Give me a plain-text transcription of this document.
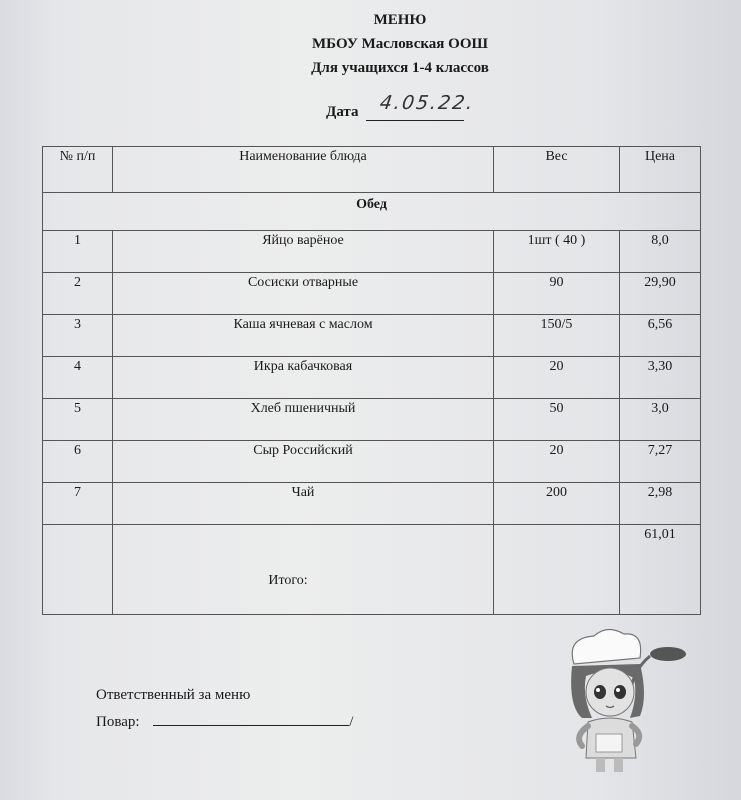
МЕНЮ
МБОУ Масловская ООШ
Для учащихся 1-4 классов
Дата 4.05.22.
№ п/п	Наименование блюда	Вес	Цена
Обед			
1	Яйцо варёное	1шт ( 40 )	8,0
2	Сосиски отварные	90	29,90
3	Каша ячневая с маслом	150/5	6,56
4	Икра кабачковая	20	3,30
5	Хлеб пшеничный	50	3,0
6	Сыр Российский	20	7,27
7	Чай	200	2,98

	Итого:		61,01
Ответственный за меню
Повар:	/
